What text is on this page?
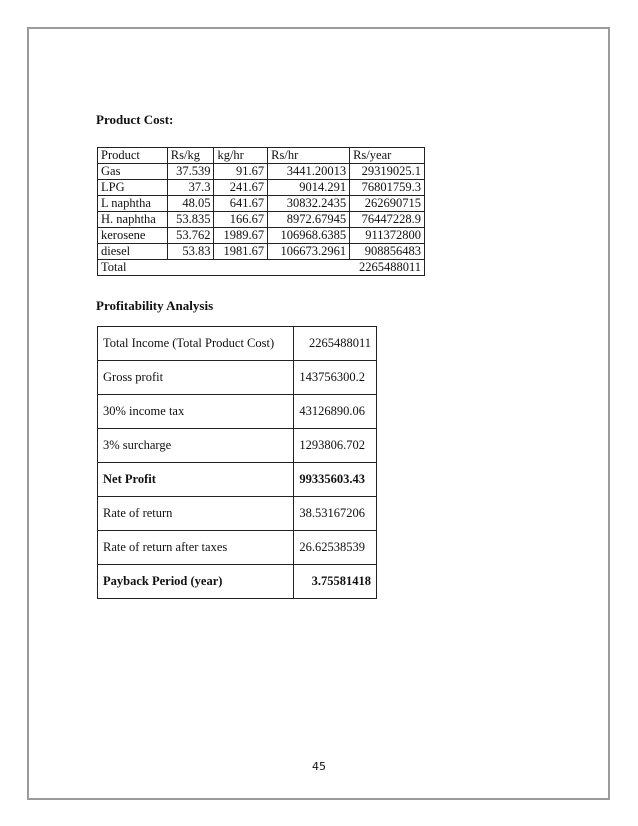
Product Cost:
Product	Rs/kg	kg/hr	Rs/hr	Rs/year
Gas	37.539	91.67	3441.20013	29319025.1
LPG	37.3	241.67	9014.291	76801759.3
L naphtha	48.05	641.67	30832.2435	262690715
H. naphtha	53.835	166.67	8972.67945	76447228.9
kerosene	53.762	1989.67	106968.6385	911372800
diesel	53.83	1981.67	106673.2961	908856483
Total	2265488011			
Profitability Analysis
Total Income (Total Product Cost)	2265488011
Gross profit	143756300.2
30% income tax	43126890.06
3% surcharge	1293806.702
Net Profit	99335603.43
Rate of return	38.53167206
Rate of return after taxes	26.62538539
Payback Period (year)	3.75581418
45
